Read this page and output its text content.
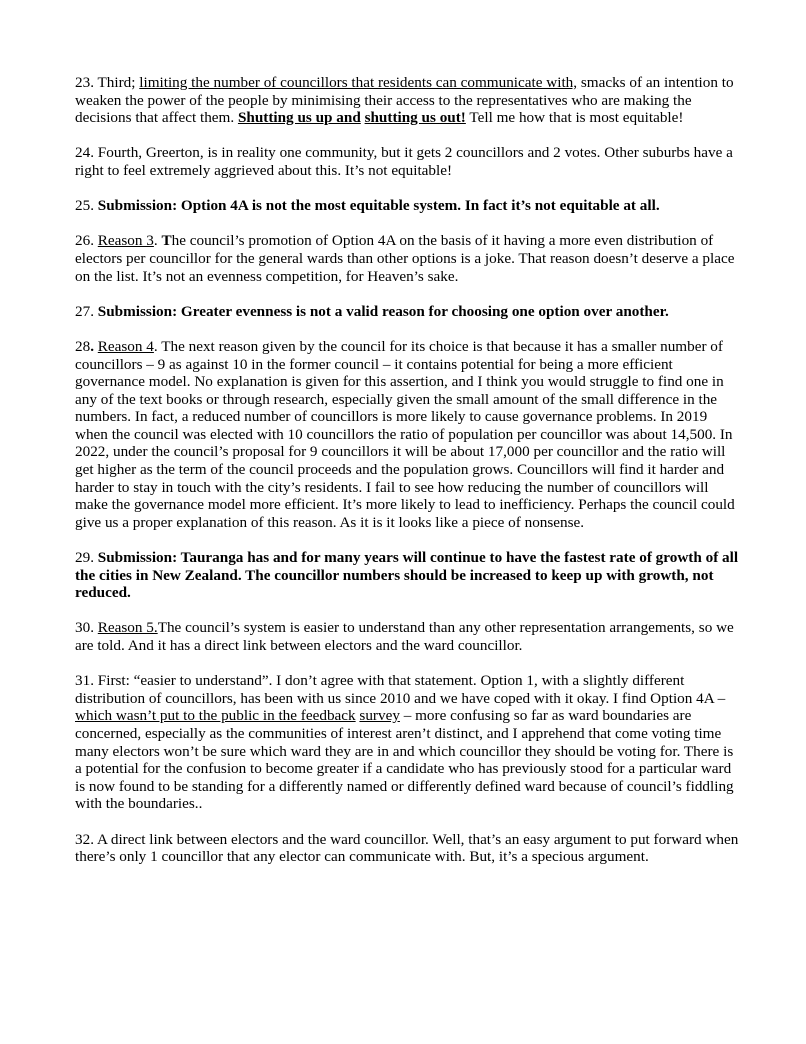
23. Third; limiting the number of councillors that residents can communicate with, smacks of an intention to weaken the power of the people by minimising their access to the representatives who are making the decisions that affect them. Shutting us up and shutting us out! Tell me how that is most equitable!

24. Fourth, Greerton, is in reality one community, but it gets 2 councillors and 2 votes. Other suburbs have a right to feel extremely aggrieved about this. It’s not equitable!

25. Submission: Option 4A is not the most equitable system. In fact it’s not equitable at all.

26. Reason 3. The council’s promotion of Option 4A on the basis of it having a more even distribution of electors per councillor for the general wards than other options is a joke. That reason doesn’t deserve a place on the list. It’s not an evenness competition, for Heaven’s sake.

27. Submission: Greater evenness is not a valid reason for choosing one option over another.

28. Reason 4. The next reason given by the council for its choice is that because it has a smaller number of councillors – 9 as against 10 in the former council – it contains potential for being a more efficient governance model. No explanation is given for this assertion, and I think you would struggle to find one in any of the text books or through research, especially given the small amount of the small difference in the numbers. In fact, a reduced number of councillors is more likely to cause governance problems. In 2019 when the council was elected with 10 councillors the ratio of population per councillor was about 14,500. In 2022, under the council’s proposal for 9 councillors it will be about 17,000 per councillor and the ratio will get higher as the term of the council proceeds and the population grows. Councillors will find it harder and harder to stay in touch with the city’s residents. I fail to see how reducing the number of councillors will make the governance model more efficient. It’s more likely to lead to inefficiency. Perhaps the council could give us a proper explanation of this reason. As it is it looks like a piece of nonsense.

29. Submission: Tauranga has and for many years will continue to have the fastest rate of growth of all the cities in New Zealand. The councillor numbers should be increased to keep up with growth, not reduced.

30. Reason 5.The council’s system is easier to understand than any other representation arrangements, so we are told. And it has a direct link between electors and the ward councillor.

31. First: “easier to understand”. I don’t agree with that statement. Option 1, with a slightly different distribution of councillors, has been with us since 2010 and we have coped with it okay. I find Option 4A – which wasn’t put to the public in the feedback survey – more confusing so far as ward boundaries are concerned, especially as the communities of interest aren’t distinct, and I apprehend that come voting time many electors won’t be sure which ward they are in and which councillor they should be voting for. There is a potential for the confusion to become greater if a candidate who has previously stood for a particular ward is now found to be standing for a differently named or differently defined ward because of council’s fiddling with the boundaries..

32. A direct link between electors and the ward councillor. Well, that’s an easy argument to put forward when there’s only 1 councillor that any elector can communicate with. But, it’s a specious argument.
